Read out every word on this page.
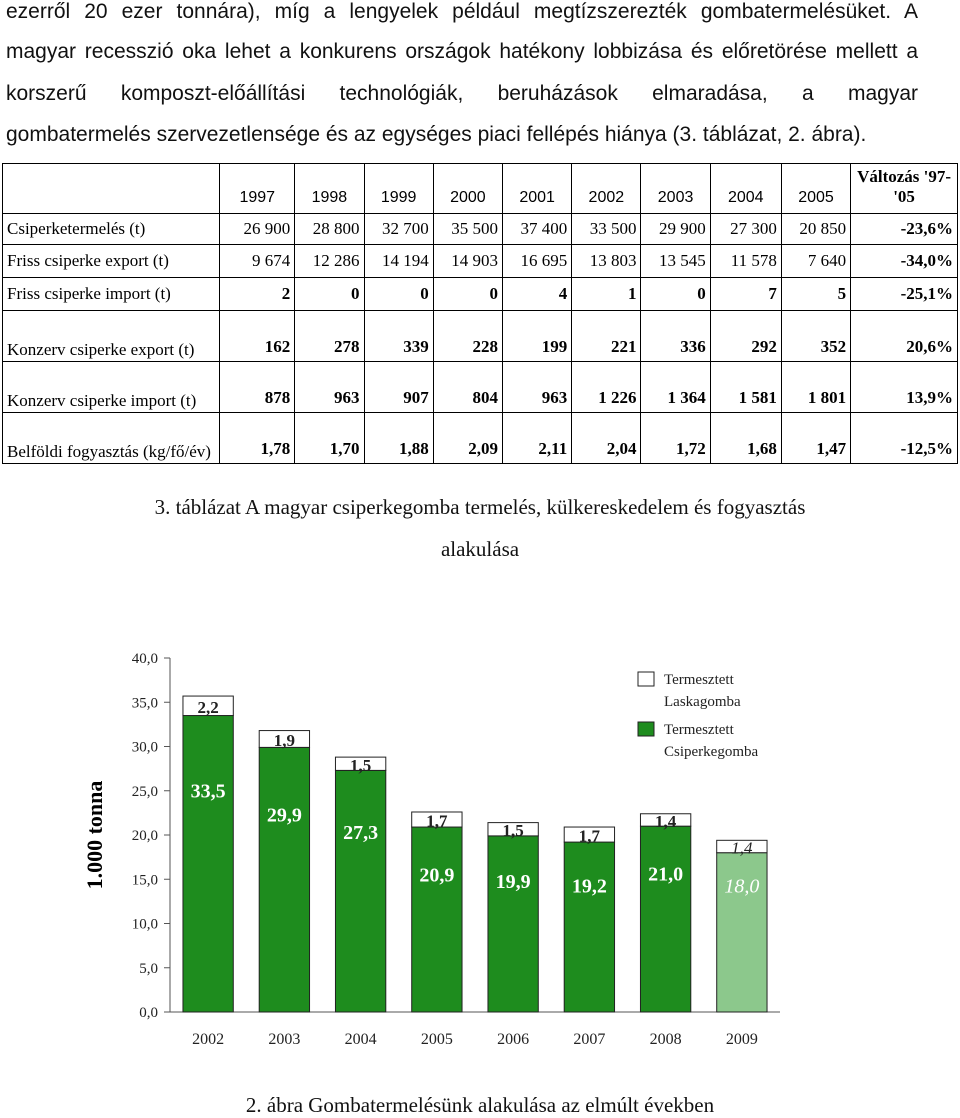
ezerről 20 ezer tonnára), míg a lengyelek például megtízszerezték gombatermelésüket. A
magyar recesszió oka lehet a konkurens országok hatékony lobbizása és előretörése mellett a
korszerű komposzt-előállítási technológiák, beruházások elmaradása, a magyar
gombatermelés szervezetlensége és az egységes piaci fellépés hiánya (3. táblázat, 2. ábra).
	1997	1998	1999	2000	2001	2002	2003	2004	2005	Változás '97-'05
Csiperketermelés (t)	26 900	28 800	32 700	35 500	37 400	33 500	29 900	27 300	20 850	-23,6%
Friss csiperke export (t)	9 674	12 286	14 194	14 903	16 695	13 803	13 545	11 578	7 640	-34,0%
Friss csiperke import (t)	2	0	0	0	4	1	0	7	5	-25,1%
Konzerv csiperke export (t)	162	278	339	228	199	221	336	292	352	20,6%
Konzerv csiperke import (t)	878	963	907	804	963	1 226	1 364	1 581	1 801	13,9%
Belföldi fogyasztás (kg/fő/év)	1,78	1,70	1,88	2,09	2,11	2,04	1,72	1,68	1,47	-12,5%
3. táblázat A magyar csiperkegomba termelés, külkereskedelem és fogyasztás
alakulása
1.000 tonna
0,0
5,0
10,0
15,0
20,0
25,0
30,0
35,0
40,0
33,5
2,2
2002
29,9
1,9
2003
27,3
1,5
2004
20,9
1,7
2005
19,9
1,5
2006
19,2
1,7
2007
21,0
1,4
2008
18,0
1,4
2009
Termesztett
Laskagomba
Termesztett
Csiperkegomba
2. ábra Gombatermelésünk alakulása az elmúlt években
